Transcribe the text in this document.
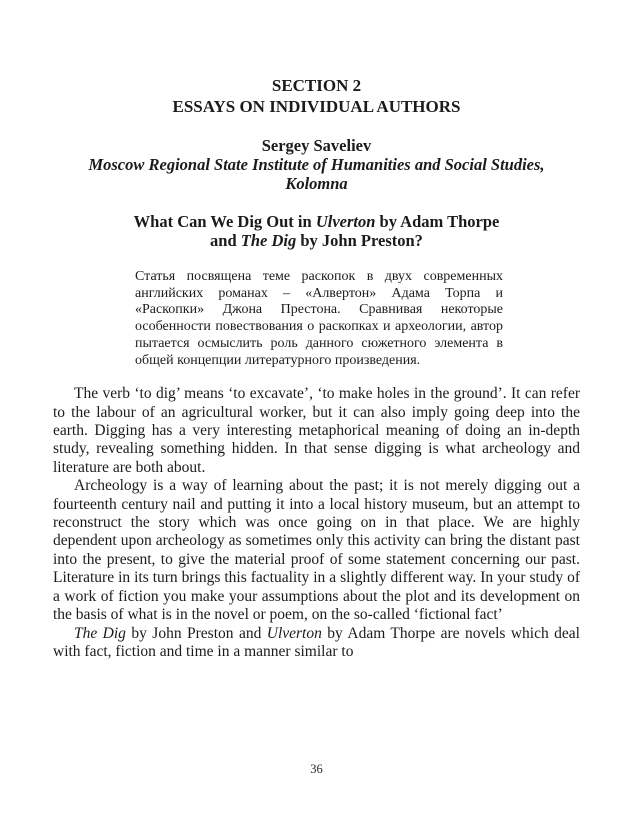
SECTION 2
ESSAYS ON INDIVIDUAL AUTHORS
Sergey Saveliev
Moscow Regional State Institute of Humanities and Social Studies,
Kolomna
What Can We Dig Out in Ulverton by Adam Thorpe
and The Dig by John Preston?
Статья посвящена теме раскопок в двух современных английских романах – «Алвертон» Адама Торпа и «Раскопки» Джона Престона. Сравнивая некоторые особенности повествования о раскопках и археологии, автор пытается осмыслить роль данного сюжетного элемента в общей концепции литературного произведения.

The verb ‘to dig’ means ‘to excavate’, ‘to make holes in the ground’. It can refer to the labour of an agricultural worker, but it can also imply going deep into the earth. Digging has a very interesting metaphorical meaning of doing an in-depth study, revealing something hidden. In that sense digging is what archeology and literature are both about.

Archeology is a way of learning about the past; it is not merely digging out a fourteenth century nail and putting it into a local history museum, but an attempt to reconstruct the story which was once going on in that place. We are highly dependent upon archeology as sometimes only this activity can bring the distant past into the present, to give the material proof of some statement concerning our past. Literature in its turn brings this factuality in a slightly different way. In your study of a work of fiction you make your assumptions about the plot and its development on the basis of what is in the novel or poem, on the so-called ‘fictional fact’

The Dig by John Preston and Ulverton by Adam Thorpe are novels which deal with fact, fiction and time in a manner similar to

36
